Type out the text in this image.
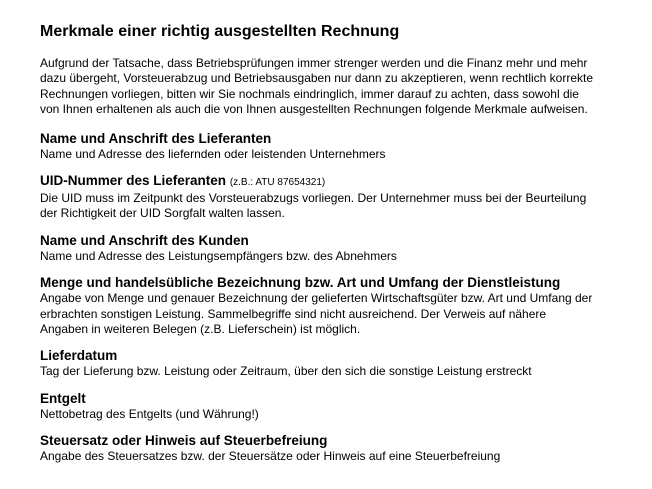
Merkmale einer richtig ausgestellten Rechnung
Aufgrund der Tatsache, dass Betriebsprüfungen immer strenger werden und die Finanz mehr und mehr dazu übergeht, Vorsteuerabzug und Betriebsausgaben nur dann zu akzeptieren, wenn rechtlich korrekte Rechnungen vorliegen, bitten wir Sie nochmals eindringlich, immer darauf zu achten, dass sowohl die von Ihnen erhaltenen als auch die von Ihnen ausgestellten Rechnungen folgende Merkmale aufweisen.
Name und Anschrift des Lieferanten
Name und Adresse des liefernden oder leistenden Unternehmers
UID-Nummer des Lieferanten (z.B.: ATU 87654321)
Die UID muss im Zeitpunkt des Vorsteuerabzugs vorliegen. Der Unternehmer muss bei der Beurteilung der Richtigkeit der UID Sorgfalt walten lassen.
Name und Anschrift des Kunden
Name und Adresse des Leistungsempfängers bzw. des Abnehmers
Menge und handelsübliche Bezeichnung bzw. Art und Umfang der Dienstleistung
Angabe von Menge und genauer Bezeichnung der gelieferten Wirtschaftsgüter bzw. Art und Umfang der erbrachten sonstigen Leistung. Sammelbegriffe sind nicht ausreichend. Der Verweis auf nähere Angaben in weiteren Belegen (z.B. Lieferschein) ist möglich.
Lieferdatum
Tag der Lieferung bzw. Leistung oder Zeitraum, über den sich die sonstige Leistung erstreckt
Entgelt
Nettobetrag des Entgelts (und Währung!)
Steuersatz oder Hinweis auf Steuerbefreiung
Angabe des Steuersatzes bzw. der Steuersätze oder Hinweis auf eine Steuerbefreiung
